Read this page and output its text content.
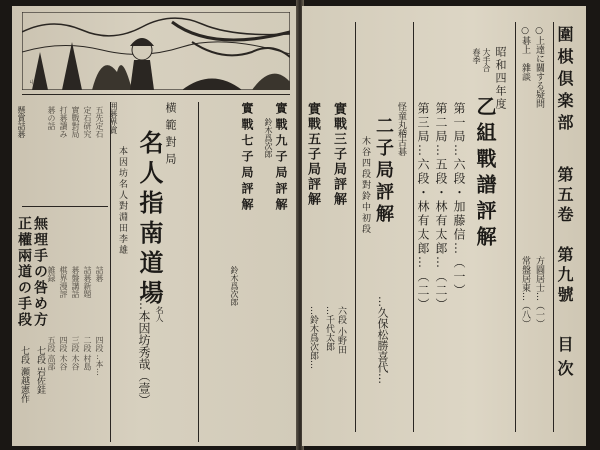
ㄐ
實戰九子局評解
鈴木爲次郎
實戰七子局評解
鈴木爲次郎
横範對局
名人指南道場
…本因坊秀哉（壹） 名人
本因坊名人對淵田李雄
五先定石
定石研究
實戰對局
打碁讀み
碁の話
詰碁
詰碁新題
碁盤講話
棋界漫評
雑録
四段 ‥本…
二段 村島
三段 木谷
四段 木谷
五段 高部
無理手の咎め方
七段 岩佐銈
正權兩道の手段
七段 瀬越憲作
囲碁界賞
懸賞詰碁	圍棋倶楽部
第五卷
第九號
目次
○上達に關する疑問
方圓居士…（一）
○碁上　雜談
常盤居東…（八）
昭和四年度
春季 大手合
乙組戰譜評解
第一局…六段・加藤信…（一）
第二局…五段・林有太郎…（二）
第三局…六段・林有太郎…（二）
怪童丸稽古碁
二子局評解
木谷四段對鈴中初段
…久保松勝喜代…
實戰三子局評解
六段 小野田
…千代太郎
實戰五子局評解
…鈴木爲次郎…
